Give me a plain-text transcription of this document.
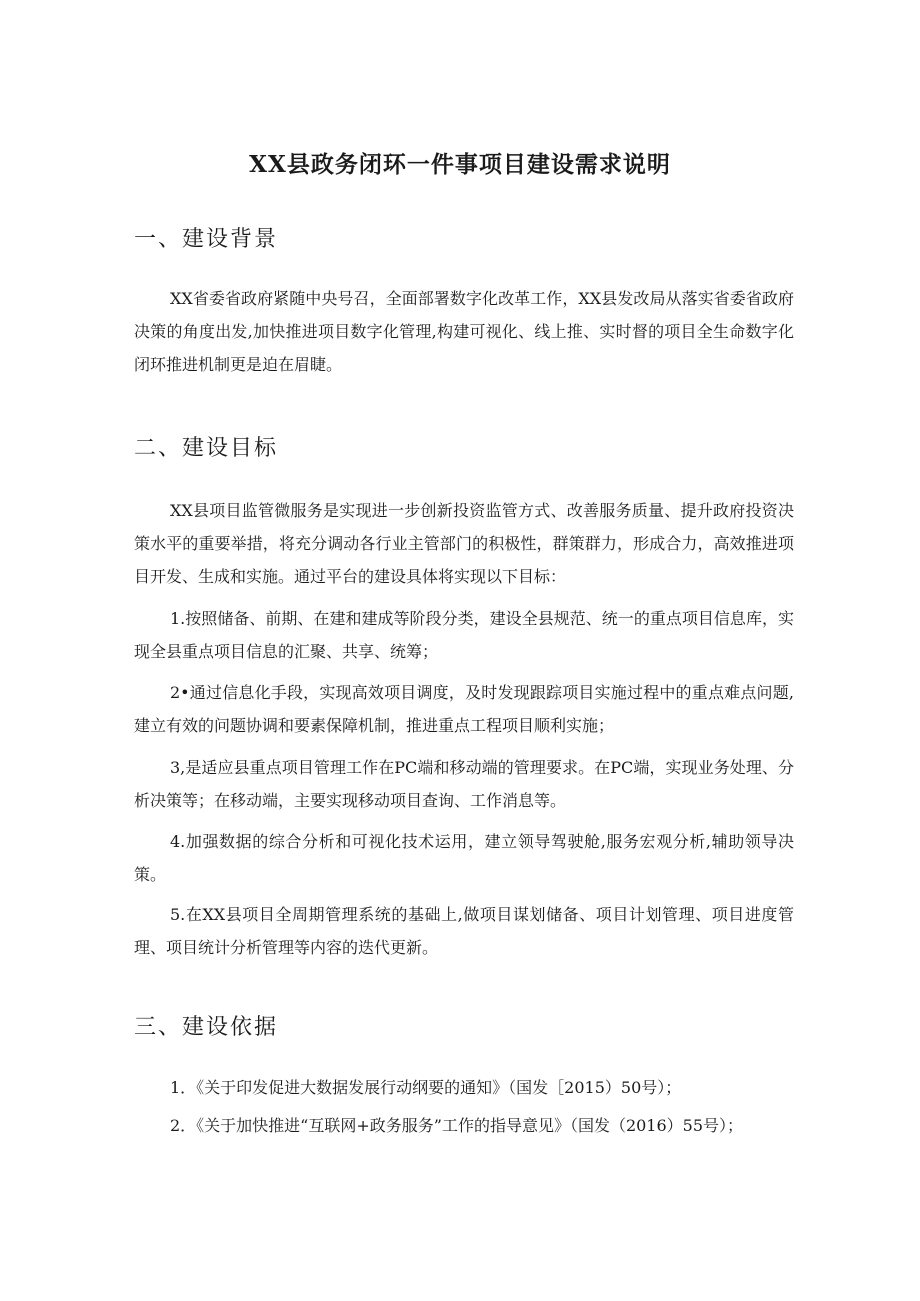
XX县政务闭环一件事项目建设需求说明
一、建设背景

XX省委省政府紧随中央号召，全面部署数字化改革工作，XX县发改局从落实省委省政府决策的角度出发,加快推进项目数字化管理,构建可视化、线上推、实时督的项目全生命数字化闭环推进机制更是迫在眉睫。

二、建设目标

XX县项目监管微服务是实现进一步创新投资监管方式、改善服务质量、提升政府投资决策水平的重要举措，将充分调动各行业主管部门的积极性，群策群力，形成合力，高效推进项目开发、生成和实施。通过平台的建设具体将实现以下目标：

1.按照储备、前期、在建和建成等阶段分类，建设全县规范、统一的重点项目信息库，实现全县重点项目信息的汇聚、共享、统筹；

2•通过信息化手段，实现高效项目调度，及时发现跟踪项目实施过程中的重点难点问题,建立有效的问题协调和要素保障机制，推进重点工程项目顺利实施；

3,是适应县重点项目管理工作在PC端和移动端的管理要求。在PC端，实现业务处理、分析决策等；在移动端，主要实现移动项目查询、工作消息等。

4.加强数据的综合分析和可视化技术运用，建立领导驾驶舱,服务宏观分析,辅助领导决策。

5.在XX县项目全周期管理系统的基础上,做项目谋划储备、项目计划管理、项目进度管理、项目统计分析管理等内容的迭代更新。

三、建设依据

1．《关于印发促进大数据发展行动纲要的通知》（国发［2015）50号）；

2．《关于加快推进“互联网+政务服务”工作的指导意见》（国发（2016）55号）；
